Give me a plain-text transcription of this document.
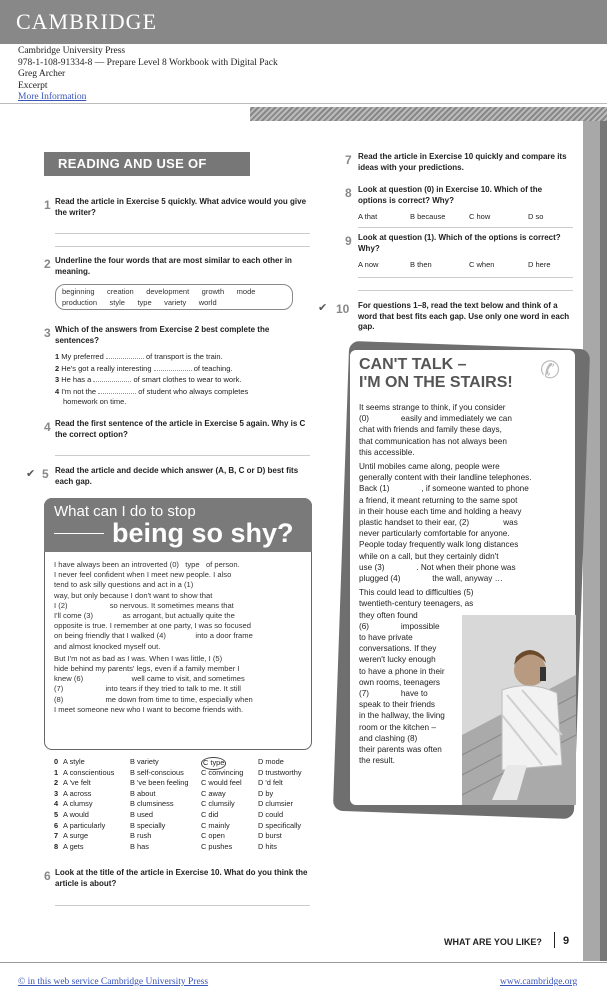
CAMBRIDGE
Cambridge University Press
978-1-108-91334-8 — Prepare Level 8 Workbook with Digital Pack
Greg Archer
Excerpt
More Information
READING AND USE OF ENGLISH
1 Read the article in Exercise 5 quickly. What advice would you give the writer?
2 Underline the four words that are most similar to each other in meaning.
beginning      creation      development      growth      mode
production      style      type      variety      world
3 Which of the answers from Exercise 2 best complete the sentences?
1 My preferred	of transport is the train.
2 He's got a really interesting	of teaching.
3 He has a	of smart clothes to wear to work.
4 I'm not the	of student who always completes
homework on time.
4 Read the first sentence of the article in Exercise 5 again. Why is C the correct option?
✔ 5 Read the article and decide which answer (A, B, C or D) best fits each gap.
What can I do to stop
being so shy?

I have always been an introverted (0)   type   of person.
I never feel confident when I meet new people. I also
tend to ask silly questions and act in a (1)
way, but only because I don't want to show that
I (2)                    so nervous. It sometimes means that
I'll come (3)              as arrogant, but actually quite the
opposite is true. I remember at one party, I was so focused
on being friendly that I walked (4)              into a door frame
and almost knocked myself out.

But I'm not as bad as I was. When I was little, I (5)
hide behind my parents' legs, even if a family member I
knew (6)                       well came to visit, and sometimes
(7)                    into tears if they tried to talk to me. It still
(8)                    me down from time to time, especially when
I meet someone new who I want to become friends with.

0 A style	B variety	C type	D mode
1 A conscientious B self-conscious C convincing D trustworthy
2 A 've felt	B 've been feeling C would feel D 'd felt
3 A across	B about	C away	D by
4 A clumsy	B clumsiness	C clumsily	D clumsier
5 A would	B used	C did	D could
6 A particularly	B specially	C mainly	D specifically
7 A surge	B rush	C open	D burst
8 A gets	B has	C pushes	D hits
6 Look at the title of the article in Exercise 10. What do you think the article is about?
7 Read the article in Exercise 10 quickly and compare its ideas with your predictions.
8 Look at question (0) in Exercise 10. Which of the options is correct? Why?
A that	B because	C how	D so
9 Look at question (1). Which of the options is correct? Why?
A now	B then	C when	D here
✔ 10 For questions 1–8, read the text below and think of a word that best fits each gap. Use only one word in each gap.
CAN'T TALK –
I'M ON THE STAIRS! ✆

It seems strange to think, if you consider
(0)              easily and immediately we can
chat with friends and family these days,
that communication has not always been
this accessible.

Until mobiles came along, people were
generally content with their landline telephones.
Back (1)              , if someone wanted to phone
a friend, it meant returning to the same spot
in their house each time and holding a heavy
plastic handset to their ear, (2)               was
never particularly comfortable for anyone.
People today frequently walk long distances
while on a call, but they certainly didn't
use (3)              . Not when their phone was
plugged (4)              the wall, anyway …

This could lead to difficulties (5)
twentieth-century teenagers, as
they often found
(6)              impossible
to have private
conversations. If they
weren't lucky enough
to have a phone in their
own rooms, teenagers
(7)              have to
speak to their friends
in the hallway, the living
room or the kitchen –
and clashing (8)
their parents was often
the result.

WHAT ARE YOU LIKE? 9
© in this web service Cambridge University Press	www.cambridge.org
